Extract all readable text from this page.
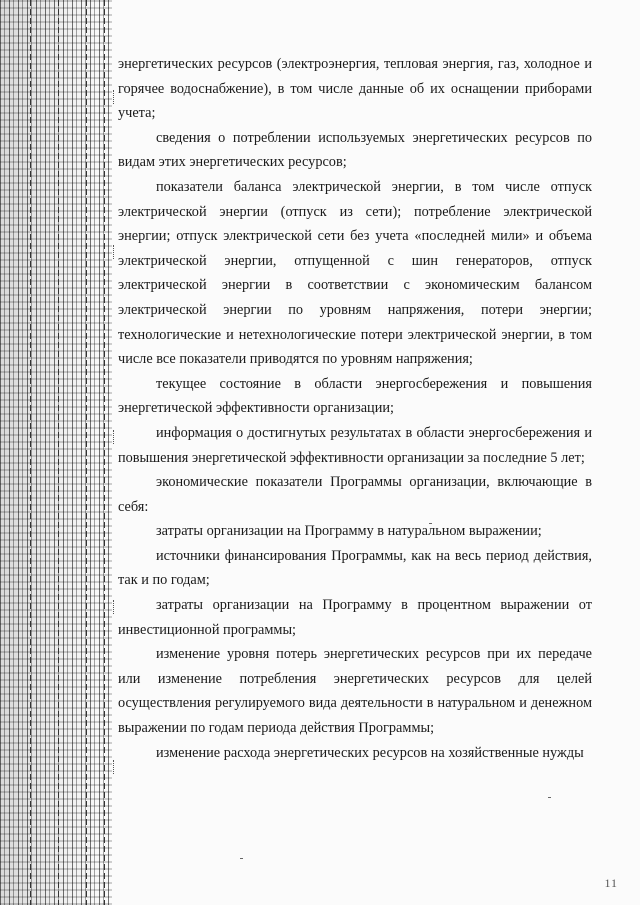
энергетических ресурсов (электроэнергия, тепловая энергия, газ, холодное и горячее водоснабжение), в том числе данные об их оснащении приборами учета;

сведения о потреблении используемых энергетических ресурсов по видам этих энергетических ресурсов;

показатели баланса электрической энергии, в том числе отпуск электрической энергии (отпуск из сети); потребление электрической энергии; отпуск электрической сети без учета «последней мили» и объема электрической энергии, отпущенной с шин генераторов, отпуск электрической энергии в соответствии с экономическим балансом электрической энергии по уровням напряжения, потери энергии; технологические и нетехнологические потери электрической энергии, в том числе все показатели приводятся по уровням напряжения;

текущее состояние в области энергосбережения и повышения энергетической эффективности организации;

информация о достигнутых результатах в области энергосбережения и повышения энергетической эффективности организации за последние 5 лет;

экономические показатели Программы организации, включающие в себя:

затраты организации на Программу в натуральном выражении;

источники финансирования Программы, как на весь период действия, так и по годам;

затраты организации на Программу в процентном выражении от инвестиционной программы;

изменение уровня потерь энергетических ресурсов при их передаче или изменение потребления энергетических ресурсов для целей осуществления регулируемого вида деятельности в натуральном и денежном выражении по годам периода действия Программы;

изменение расхода энергетических ресурсов на хозяйственные нужды

11
